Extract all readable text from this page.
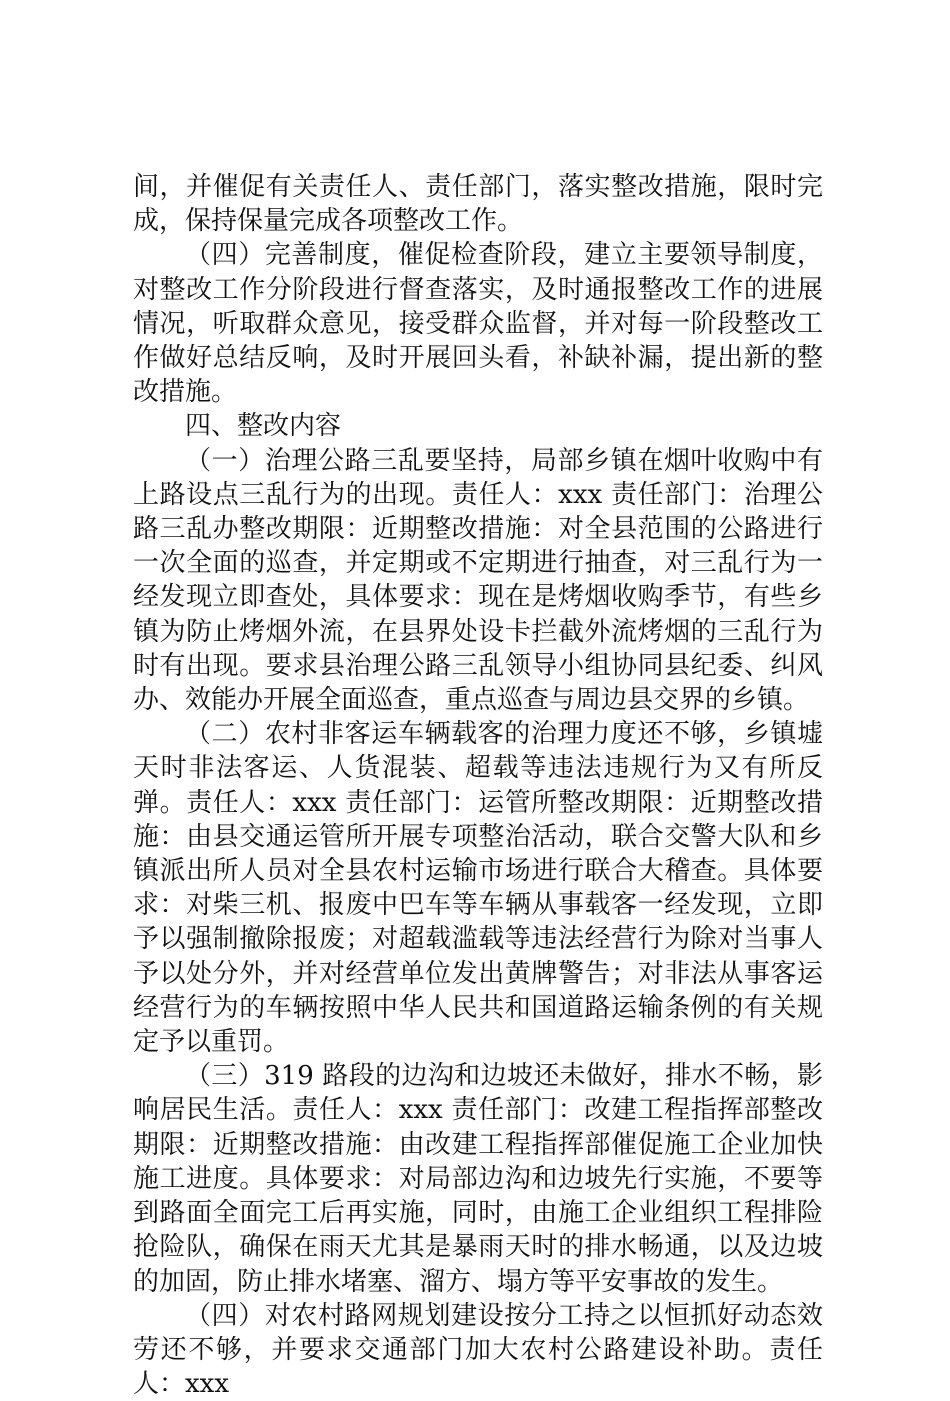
间，并催促有关责任人、责任部门，落实整改措施，限时完成，保持保量完成各项整改工作。

（四）完善制度，催促检查阶段，建立主要领导制度，对整改工作分阶段进行督查落实，及时通报整改工作的进展情况，听取群众意见，接受群众监督，并对每一阶段整改工作做好总结反响，及时开展回头看，补缺补漏，提出新的整改措施。

四、整改内容

（一）治理公路三乱要坚持，局部乡镇在烟叶收购中有上路设点三乱行为的出现。责任人：xxx 责任部门：治理公路三乱办整改期限：近期整改措施：对全县范围的公路进行一次全面的巡查，并定期或不定期进行抽查，对三乱行为一经发现立即查处，具体要求：现在是烤烟收购季节，有些乡镇为防止烤烟外流，在县界处设卡拦截外流烤烟的三乱行为时有出现。要求县治理公路三乱领导小组协同县纪委、纠风办、效能办开展全面巡查，重点巡查与周边县交界的乡镇。

（二）农村非客运车辆载客的治理力度还不够，乡镇墟天时非法客运、人货混装、超载等违法违规行为又有所反弹。责任人：xxx 责任部门：运管所整改期限：近期整改措施：由县交通运管所开展专项整治活动，联合交警大队和乡镇派出所人员对全县农村运输市场进行联合大稽查。具体要求：对柴三机、报废中巴车等车辆从事载客一经发现，立即予以强制撤除报废；对超载滥载等违法经营行为除对当事人予以处分外，并对经营单位发出黄牌警告；对非法从事客运经营行为的车辆按照中华人民共和国道路运输条例的有关规定予以重罚。

（三）319 路段的边沟和边坡还未做好，排水不畅，影响居民生活。责任人：xxx 责任部门：改建工程指挥部整改期限：近期整改措施：由改建工程指挥部催促施工企业加快施工进度。具体要求：对局部边沟和边坡先行实施，不要等到路面全面完工后再实施，同时，由施工企业组织工程排险抢险队，确保在雨天尤其是暴雨天时的排水畅通，以及边坡的加固，防止排水堵塞、溜方、塌方等平安事故的发生。

（四）对农村路网规划建设按分工持之以恒抓好动态效劳还不够，并要求交通部门加大农村公路建设补助。责任人：xxx
